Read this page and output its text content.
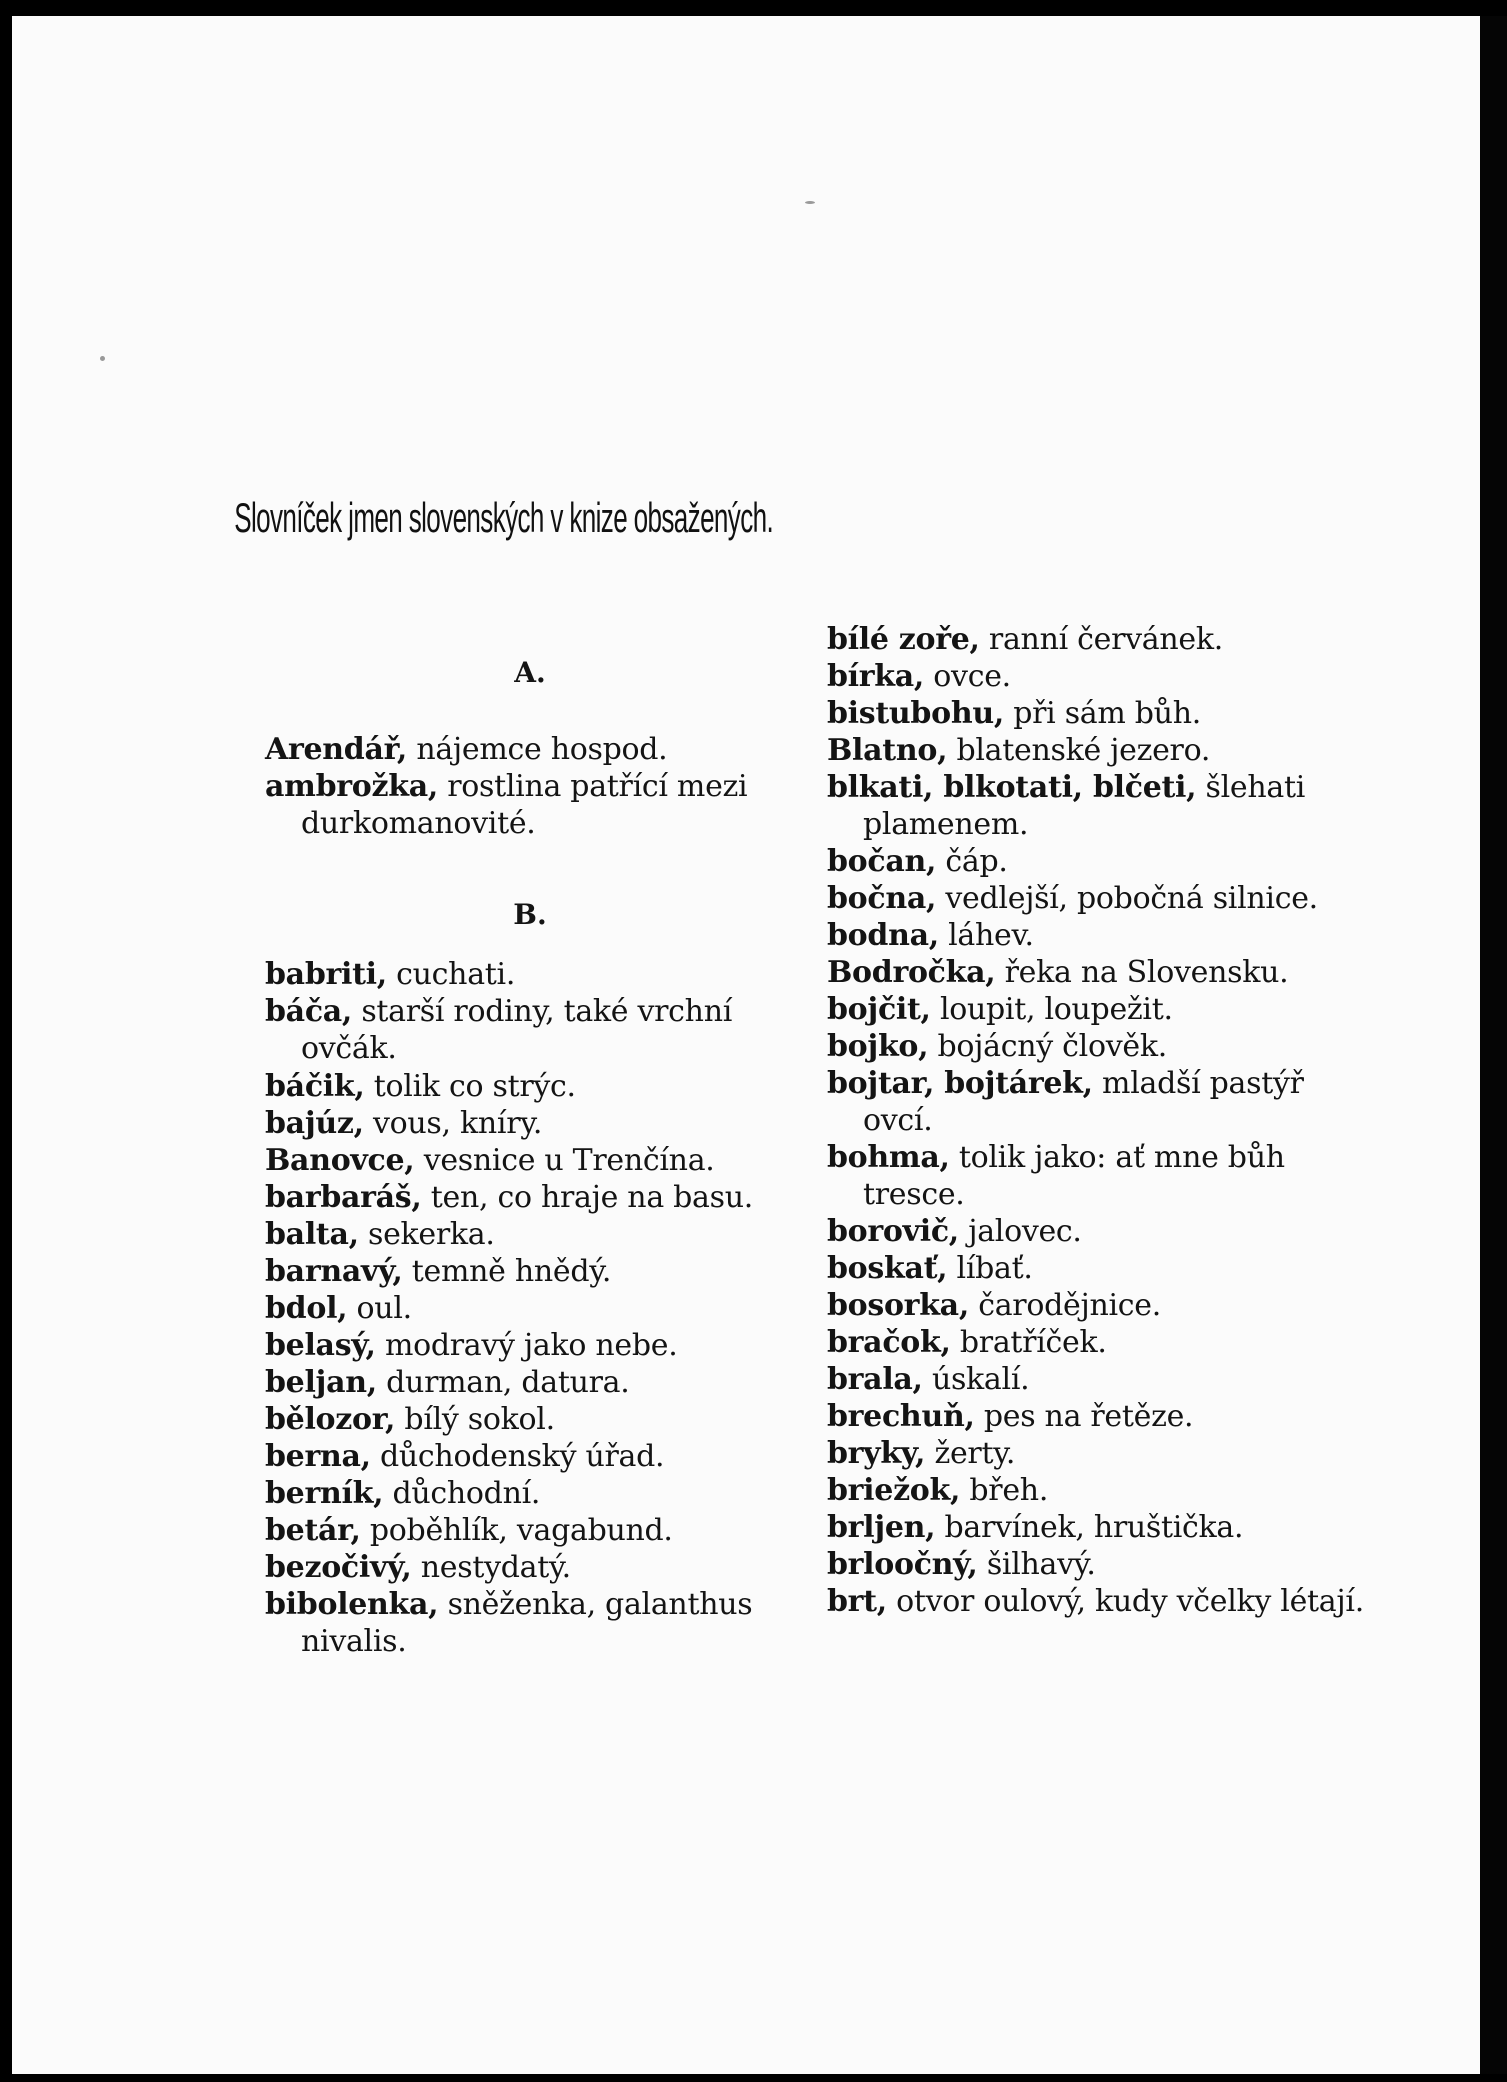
Slovníček jmen slovenských v knize obsažených.

A.

Arendář, nájemce hospod.

ambrožka, rostlina patřící mezi durkomanovité.

B.

babriti, cuchati.

báča, starší rodiny, také vrchní ovčák.

báčik, tolik co strýc.

bajúz, vous, kníry.

Banovce, vesnice u Trenčína.

barbaráš, ten, co hraje na basu.

balta, sekerka.

barnavý, temně hnědý.

bdol, oul.

belasý, modravý jako nebe.

beljan, durman, datura.

bělozor, bílý sokol.

berna, důchodenský úřad.

berník, důchodní.

betár, poběhlík, vagabund.

bezočivý, nestydatý.

bibolenka, sněženka, galanthus nivalis.

bílé zoře, ranní červánek.

bírka, ovce.

bistubohu, při sám bůh.

Blatno, blatenské jezero.

blkati, blkotati, blčeti, šlehati plamenem.

bočan, čáp.

bočna, vedlejší, pobočná silnice.

bodna, láhev.

Bodročka, řeka na Slovensku.

bojčit, loupit, loupežit.

bojko, bojácný člověk.

bojtar, bojtárek, mladší pastýř ovcí.

bohma, tolik jako: ať mne bůh tresce.

borovič, jalovec.

boskať, líbať.

bosorka, čarodějnice.

bračok, bratříček.

brala, úskalí.

brechuň, pes na řetěze.

bryky, žerty.

briežok, břeh.

brljen, barvínek, hruštička.

brloočný, šilhavý.

brt, otvor oulový, kudy včelky létají.
